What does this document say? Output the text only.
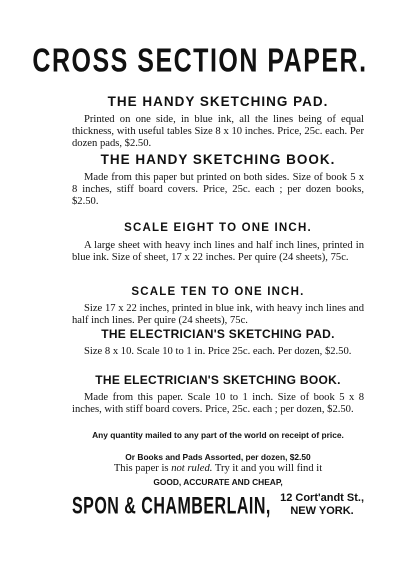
CROSS SECTION PAPER.
THE HANDY SKETCHING PAD.
Printed on one side, in blue ink, all the lines being of equal thickness, with useful tables Size 8 x 10 inches. Price, 25c. each. Per dozen pads, $2.50.
THE HANDY SKETCHING BOOK.
Made from this paper but printed on both sides. Size of book 5 x 8 inches, stiff board covers. Price, 25c. each ; per dozen books, $2.50.
SCALE EIGHT TO ONE INCH.
A large sheet with heavy inch lines and half inch lines, printed in blue ink. Size of sheet, 17 x 22 inches. Per quire (24 sheets), 75c.
SCALE TEN TO ONE INCH.
Size 17 x 22 inches, printed in blue ink, with heavy inch lines and half inch lines. Per quire (24 sheets), 75c.
THE ELECTRICIAN'S SKETCHING PAD.
Size 8 x 10. Scale 10 to 1 in. Price 25c. each. Per dozen, $2.50.
THE ELECTRICIAN'S SKETCHING BOOK.
Made from this paper. Scale 10 to 1 inch. Size of book 5 x 8 inches, with stiff board covers. Price, 25c. each ; per dozen, $2.50.
Any quantity mailed to any part of the world on receipt of price.
Or Books and Pads Assorted, per dozen, $2.50
This paper is not ruled. Try it and you will find it
GOOD, ACCURATE AND CHEAP,
SPON & CHAMBERLAIN, 12 Cort'andt St.,
NEW YORK.
